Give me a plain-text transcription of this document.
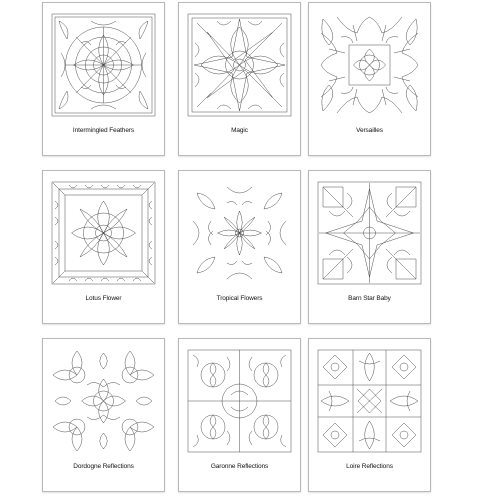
Intermingled Feathers	Magic	Versailles
Lotus Flower	Tropical Flowers	Barn Star Baby
Dordogne Reflections	Garonne Reflections	Loire Reflections
